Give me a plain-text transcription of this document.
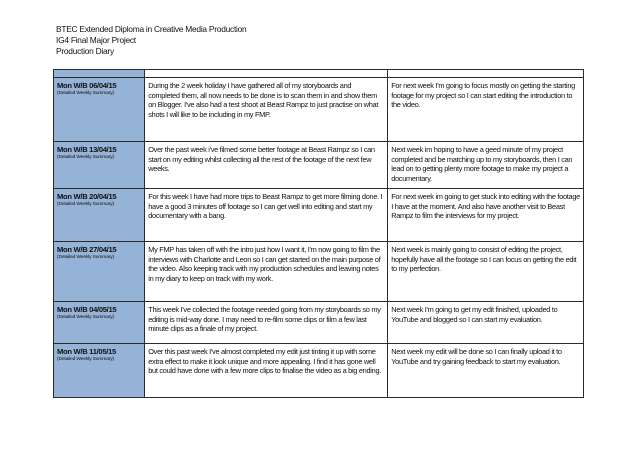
BTEC Extended Diploma in Creative Media Production
IG4 Final Major Project
Production Diary

Mon W/B 06/04/15
(Detailed Weekly Summary)	During the 2 week holiday I have gathered all of my storyboards and completed them, all now needs to be done is to scan them in and show them on Blogger. I've also had a test shoot at Beast Rampz to just practise on what shots I will like to be including in my FMP.	For next week I'm going to focus mostly on getting the starting footage for my project so I can start editing the introduction to the video.

Mon W/B 13/04/15
(Detailed Weekly Summary)	Over the past week i've filmed some better footage at Beast Rampz so I can start on my editing whilst collecting all the rest of the footage of the next few weeks.	Next week im hoping to have a geed minute of my project completed and be matching up to my storyboards, then I can lead on to getting plenty more footage to make my project a documentary.

Mon W/B 20/04/15
(Detailed Weekly Summary)	For this week I have had more trips to Beast Rampz to get more filming done. I have a good 3 minutes off footage so I can get well into editing and start my documentary with a bang.	For next week im going to get stuck into editing with the footage I have at the moment. And also have another visit to Beast Rampz to film the interviews for my project.

Mon W/B 27/04/15
(Detailed Weekly Summary)	My FMP has taken off with the intro just how I want it, I'm now going to film the interviews with Charlotte and Leon so I can get started on the main purpose of the video. Also keeping track with my production schedules and leaving notes in my diary to keep on track with my work.	Next week is mainly going to consist of editing the project, hopefully have all the footage so I can focus on getting the edit to my perfection.

Mon W/B 04/05/15
(Detailed Weekly Summary)	This week I've collected the footage needed going from my storyboards so my editing is mid-way done. I may need to re-film some clips or film a few last minute clips as a finale of my project.	Next week I'm going to get my edit finished, uploaded to YouTube and blogged so I can start my evaluation.

Mon W/B 11/05/15
(Detailed Weekly Summary)	Over this past week I've almost completed my edit just tinting it up with some extra effect to make it look unique and more appealing. I find it has gone well but could have done with a few more clips to finalise the video as a big ending.	Next week my edit will be done so I can finally upload it to YouTube and try gaining feedback to start my evaluation.
